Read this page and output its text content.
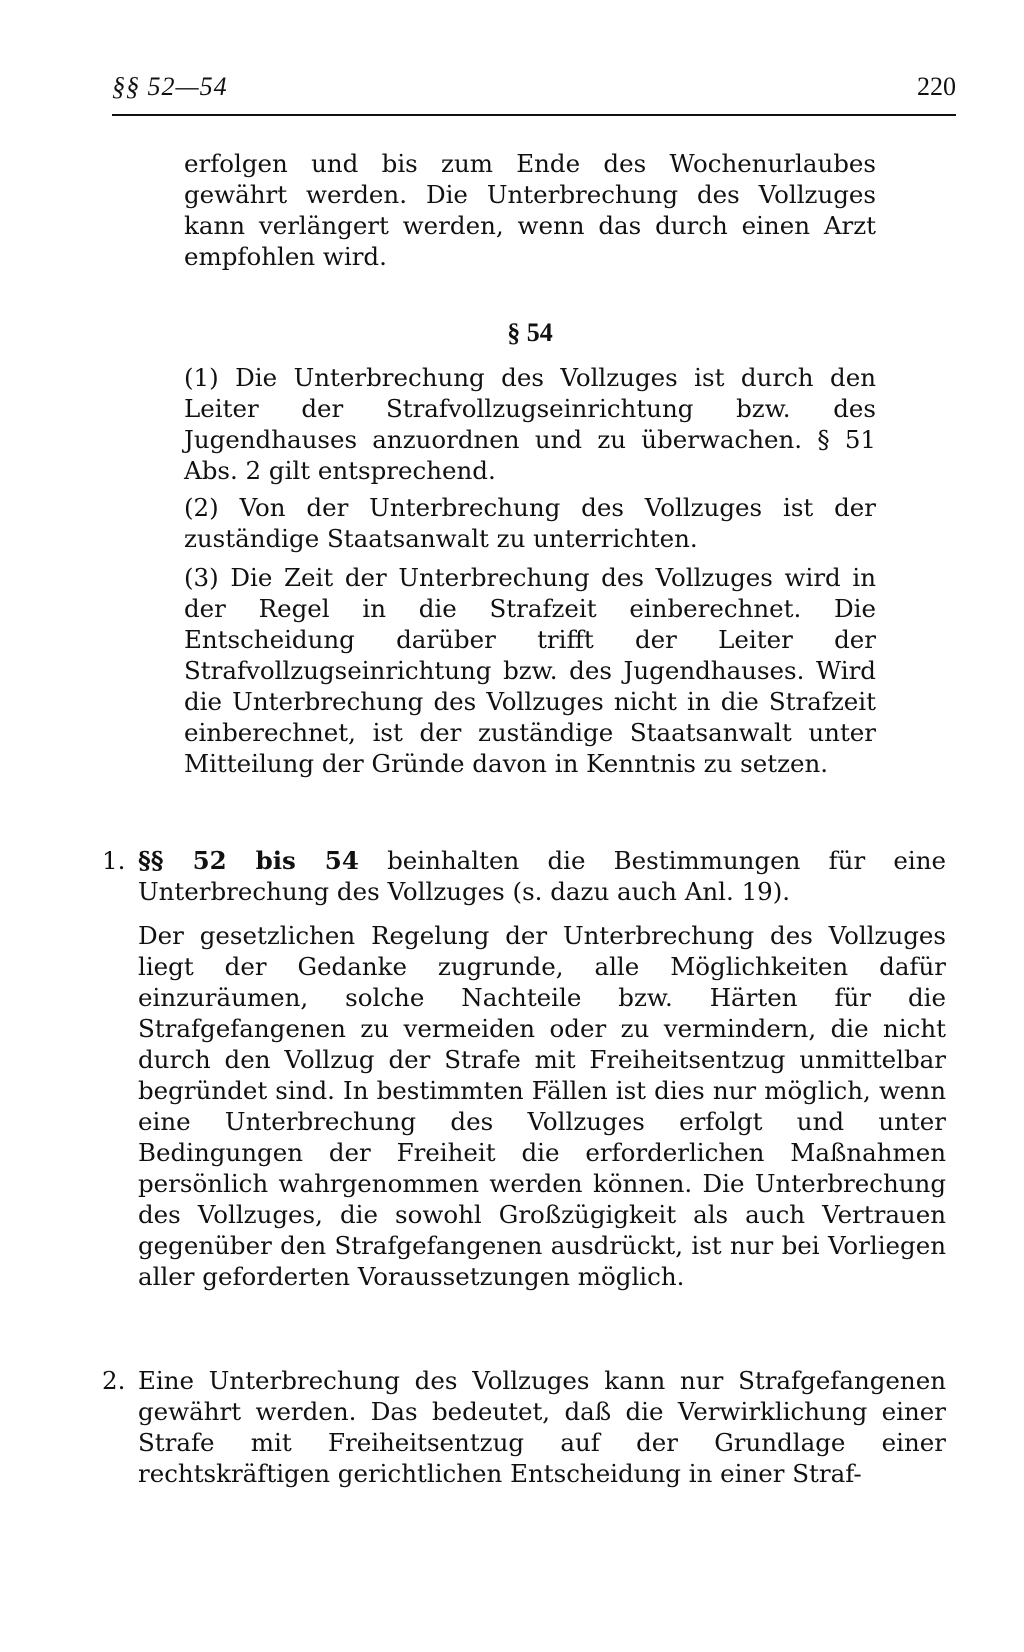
§§ 52—54	220

erfolgen und bis zum Ende des Wochenurlaubes gewährt werden. Die Unterbrechung des Vollzuges kann verlängert werden, wenn das durch einen Arzt empfohlen wird.

§ 54

(1) Die Unterbrechung des Vollzuges ist durch den Leiter der Strafvollzugseinrichtung bzw. des Jugendhauses anzuordnen und zu überwachen. § 51 Abs. 2 gilt entsprechend.

(2) Von der Unterbrechung des Vollzuges ist der zuständige Staatsanwalt zu unterrichten.

(3) Die Zeit der Unterbrechung des Vollzuges wird in der Regel in die Strafzeit einberechnet. Die Entscheidung darüber trifft der Leiter der Strafvollzugseinrichtung bzw. des Jugendhauses. Wird die Unterbrechung des Vollzuges nicht in die Strafzeit einberechnet, ist der zuständige Staatsanwalt unter Mitteilung der Gründe davon in Kenntnis zu setzen.

1. §§ 52 bis 54 beinhalten die Bestimmungen für eine Unterbrechung des Vollzuges (s. dazu auch Anl. 19).

Der gesetzlichen Regelung der Unterbrechung des Vollzuges liegt der Gedanke zugrunde, alle Möglichkeiten dafür einzuräumen, solche Nachteile bzw. Härten für die Strafgefangenen zu vermeiden oder zu vermindern, die nicht durch den Vollzug der Strafe mit Freiheitsentzug unmittelbar begründet sind. In bestimmten Fällen ist dies nur möglich, wenn eine Unterbrechung des Vollzuges erfolgt und unter Bedingungen der Freiheit die erforderlichen Maßnahmen persönlich wahrgenommen werden können. Die Unterbrechung des Vollzuges, die sowohl Großzügigkeit als auch Vertrauen gegenüber den Strafgefangenen ausdrückt, ist nur bei Vorliegen aller geforderten Voraussetzungen möglich.

2. Eine Unterbrechung des Vollzuges kann nur Strafgefangenen gewährt werden. Das bedeutet, daß die Verwirklichung einer Strafe mit Freiheitsentzug auf der Grundlage einer rechtskräftigen gerichtlichen Entscheidung in einer Straf-
